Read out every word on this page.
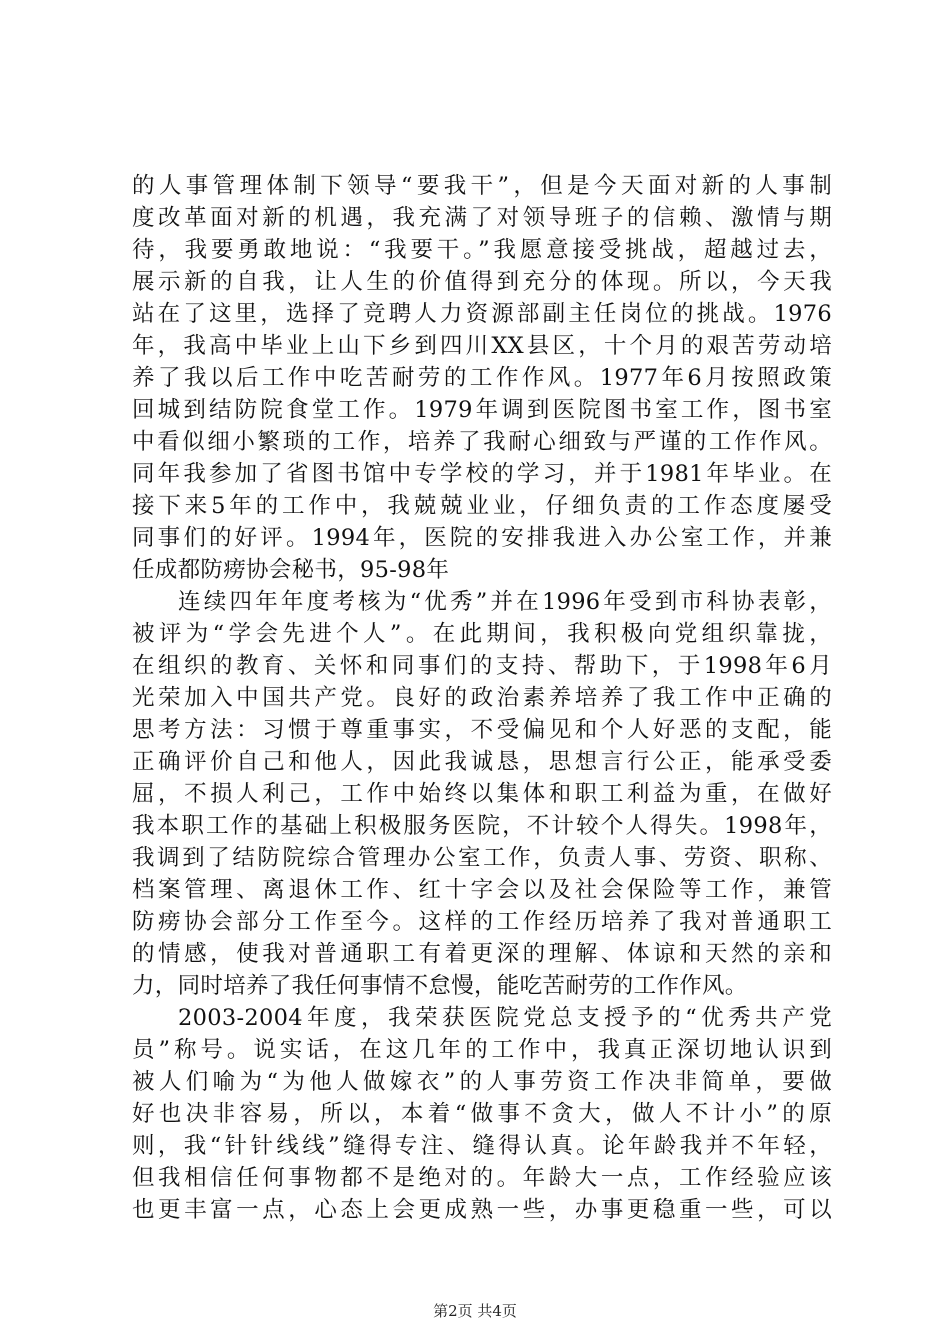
的人事管理体制下领导“要我干”，但是今天面对新的人事制
度改革面对新的机遇，我充满了对领导班子的信赖、激情与期
待，我要勇敢地说：“我要干。”我愿意接受挑战，超越过去，
展示新的自我，让人生的价值得到充分的体现。所以，今天我
站在了这里，选择了竞聘人力资源部副主任岗位的挑战。1976
年，我高中毕业上山下乡到四川XX县区，十个月的艰苦劳动培
养了我以后工作中吃苦耐劳的工作作风。1977年6月按照政策
回城到结防院食堂工作。1979年调到医院图书室工作，图书室
中看似细小繁琐的工作，培养了我耐心细致与严谨的工作作风。
同年我参加了省图书馆中专学校的学习，并于1981年毕业。在
接下来5年的工作中，我兢兢业业，仔细负责的工作态度屡受
同事们的好评。1994年，医院的安排我进入办公室工作，并兼
任成都防痨协会秘书，95-98年
连续四年年度考核为“优秀”并在1996年受到市科协表彰，
被评为“学会先进个人”。在此期间，我积极向党组织靠拢，
在组织的教育、关怀和同事们的支持、帮助下，于1998年6月
光荣加入中国共产党。良好的政治素养培养了我工作中正确的
思考方法：习惯于尊重事实，不受偏见和个人好恶的支配，能
正确评价自己和他人，因此我诚恳，思想言行公正，能承受委
屈，不损人利己，工作中始终以集体和职工利益为重，在做好
我本职工作的基础上积极服务医院，不计较个人得失。1998年，
我调到了结防院综合管理办公室工作，负责人事、劳资、职称、
档案管理、离退休工作、红十字会以及社会保险等工作，兼管
防痨协会部分工作至今。这样的工作经历培养了我对普通职工
的情感，使我对普通职工有着更深的理解、体谅和天然的亲和
力，同时培养了我任何事情不怠慢，能吃苦耐劳的工作作风。
2003-2004年度，我荣获医院党总支授予的“优秀共产党
员”称号。说实话，在这几年的工作中，我真正深切地认识到
被人们喻为“为他人做嫁衣”的人事劳资工作决非简单，要做
好也决非容易，所以，本着“做事不贪大，做人不计小”的原
则，我“针针线线”缝得专注、缝得认真。论年龄我并不年轻，
但我相信任何事物都不是绝对的。年龄大一点，工作经验应该
也更丰富一点，心态上会更成熟一些，办事更稳重一些，可以
第2页 共4页
